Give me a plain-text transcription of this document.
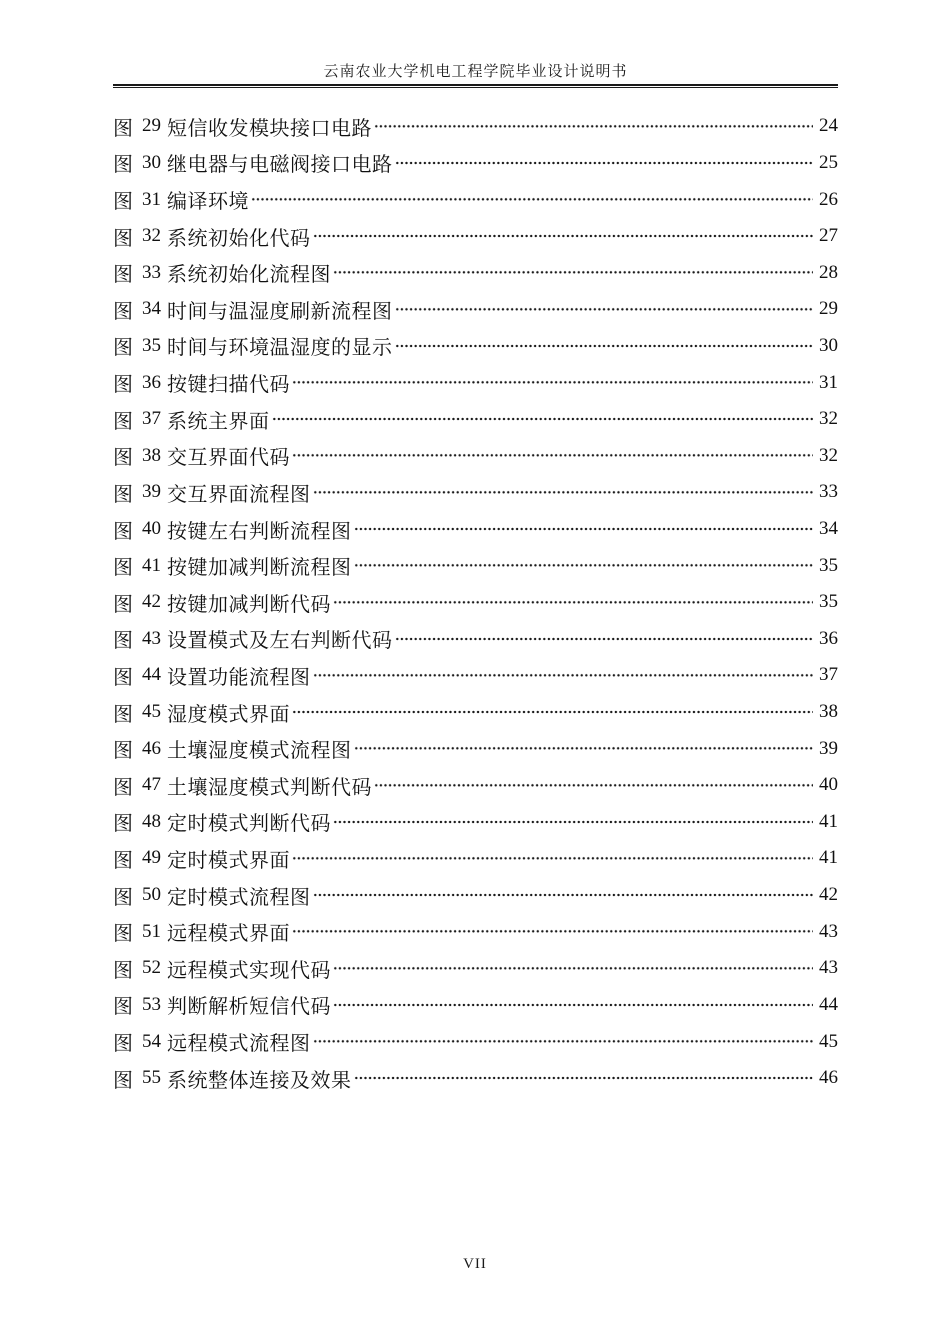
云南农业大学机电工程学院毕业设计说明书
图 29 短信收发模块接口电路	24
图 30 继电器与电磁阀接口电路	25
图 31 编译环境	26
图 32 系统初始化代码	27
图 33 系统初始化流程图	28
图 34 时间与温湿度刷新流程图	29
图 35 时间与环境温湿度的显示	30
图 36 按键扫描代码	31
图 37 系统主界面	32
图 38 交互界面代码	32
图 39 交互界面流程图	33
图 40 按键左右判断流程图	34
图 41 按键加减判断流程图	35
图 42 按键加减判断代码	35
图 43 设置模式及左右判断代码	36
图 44 设置功能流程图	37
图 45 湿度模式界面	38
图 46 土壤湿度模式流程图	39
图 47 土壤湿度模式判断代码	40
图 48 定时模式判断代码	41
图 49 定时模式界面	41
图 50 定时模式流程图	42
图 51 远程模式界面	43
图 52 远程模式实现代码	43
图 53 判断解析短信代码	44
图 54 远程模式流程图	45
图 55 系统整体连接及效果	46
VII
